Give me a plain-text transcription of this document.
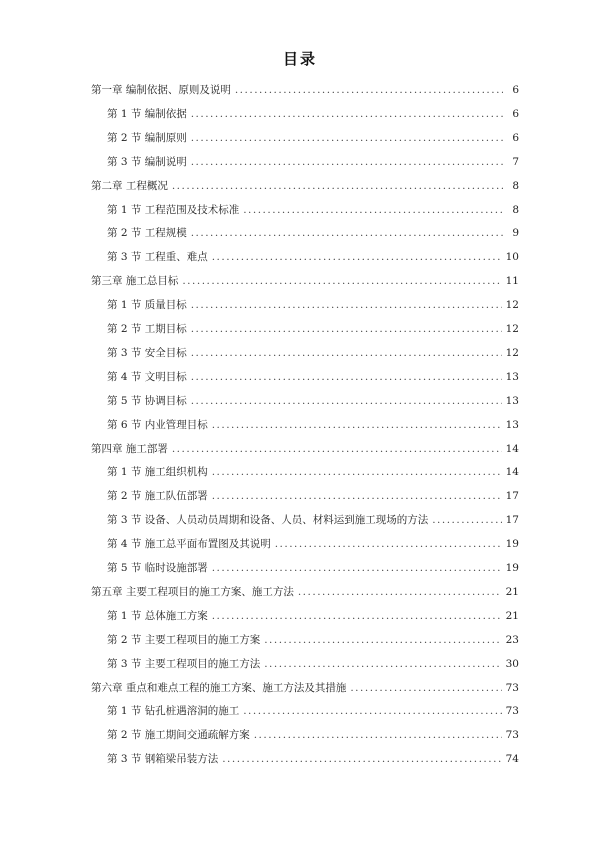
目录
第一章 编制依据、原则及说明 .....	6
第 1 节 编制依据 .....	6
第 2 节 编制原则 .....	6
第 3 节 编制说明 .....	7
第二章 工程概况 .....	8
第 1 节 工程范围及技术标准 .....	8
第 2 节 工程规模 .....	9
第 3 节 工程重、难点 .....	10
第三章 施工总目标 .....	11
第 1 节 质量目标 .....	12
第 2 节 工期目标 .....	12
第 3 节 安全目标 .....	12
第 4 节 文明目标 .....	13
第 5 节 协调目标 .....	13
第 6 节 内业管理目标 .....	13
第四章 施工部署 .....	14
第 1 节 施工组织机构 .....	14
第 2 节 施工队伍部署 .....	17
第 3 节 设备、人员动员周期和设备、人员、材料运到施工现场的方法 .....	17
第 4 节 施工总平面布置图及其说明 .....	19
第 5 节 临时设施部署 .....	19
第五章 主要工程项目的施工方案、施工方法 .....	21
第 1 节 总体施工方案 .....	21
第 2 节 主要工程项目的施工方案 .....	23
第 3 节 主要工程项目的施工方法 .....	30
第六章 重点和难点工程的施工方案、施工方法及其措施 .....	73
第 1 节 钻孔桩遇溶洞的施工 .....	73
第 2 节 施工期间交通疏解方案 .....	73
第 3 节 钢箱梁吊装方法 .....	74
